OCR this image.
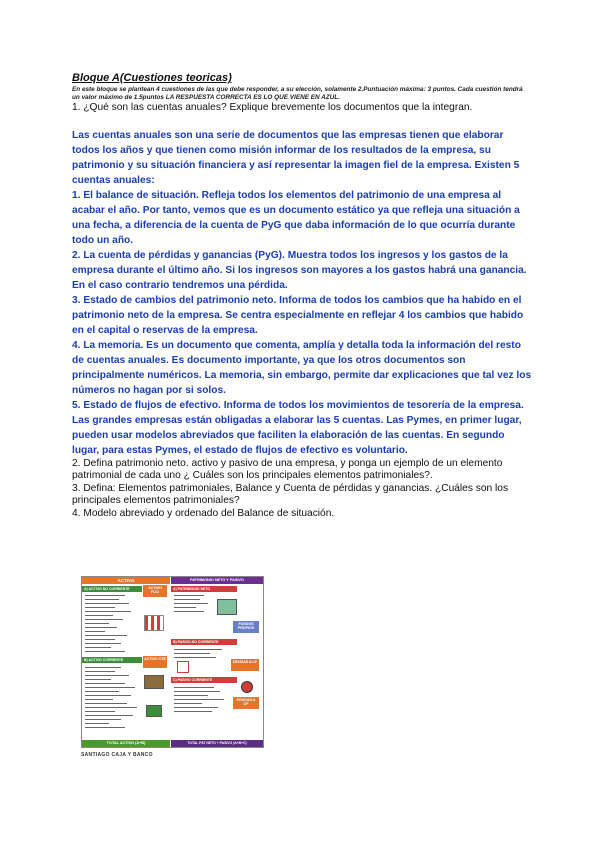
Bloque A(Cuestiones teoricas)

En este bloque se plantean 4 cuestiones de las que debe responder, a su elección, solamente 2.Puntuación máxima: 3 puntos. Cada cuestión tendrá un valor máximo de 1.5puntos LA RESPUESTA CORRECTA ES LO QUE VIENE EN AZUL.

1. ¿Qué son las cuentas anuales? Explique brevemente los documentos que la integran.

Las cuentas anuales son una serie de documentos que las empresas tienen que elaborar todos los años y que tienen como misión informar de los resultados de la empresa, su patrimonio y su situación financiera y así representar la imagen fiel de la empresa. Existen 5 cuentas anuales:

1. El balance de situación. Refleja todos los elementos del patrimonio de una empresa al acabar el año. Por tanto, vemos que es un documento estático ya que refleja una situación a una fecha, a diferencia de la cuenta de PyG que daba información de lo que ocurría durante todo un año.

2. La cuenta de pérdidas y ganancias (PyG). Muestra todos los ingresos y los gastos de la empresa durante el último año. Si los ingresos son mayores a los gastos habrá una ganancia. En el caso contrario tendremos una pérdida.

3. Estado de cambios del patrimonio neto. Informa de todos los cambios que ha habido en el patrimonio neto de la empresa. Se centra especialmente en reflejar 4 los cambios que habido en el capital o reservas de la empresa.

4. La memoria. Es un documento que comenta, amplía y detalla toda la información del resto de cuentas anuales. Es documento importante, ya que los otros documentos son principalmente numéricos. La memoria, sin embargo, permite dar explicaciones que tal vez los números no hagan por si solos.

5. Estado de flujos de efectivo. Informa de todos los movimientos de tesorería de la empresa.

Las grandes empresas están obligadas a elaborar las 5 cuentas. Las Pymes, en primer lugar, pueden usar modelos abreviados que faciliten la elaboración de las cuentas. En segundo lugar, para estas Pymes, el estado de flujos de efectivo es voluntario.

2. Defina patrimonio neto. activo y pasivo de una empresa, y ponga un ejemplo de un elemento patrimonial de cada uno ¿ Cuáles son los principales elementos patrimoniales?.

3. Defina: Elementos patrimoniales, Balance y Cuenta de pérdidas y ganancias. ¿Cuáles son los

principales elementos patrimoniales?

4. Modelo abreviado y ordenado del Balance de situación.

ACTIVO
A) ACTIVO NO CORRIENTE	ACTIVO FIJO
B) ACTIVO CORRIENTE	ACTIVO CTE
TOTAL ACTIVO (A+B)
PATRIMONIO NETO Y PASIVO
A) PATRIMONIO NETO
FONDOS PROPIOS
B) PASIVO NO CORRIENTE
DEUDAS A LP
C) PASIVO CORRIENTE
DEUDAS A CP
TOTAL PAT NETO + PASIVO (A+B+C)
SANTIAGO CAJA Y BANCO
